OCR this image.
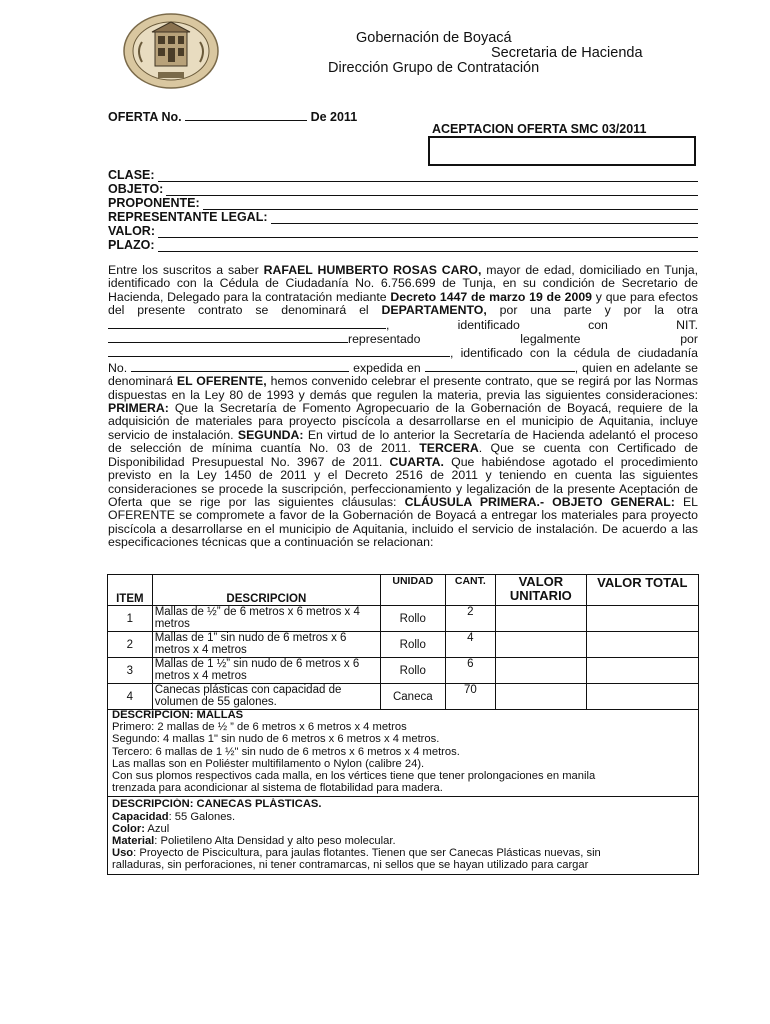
Gobernación de Boyacá
Secretaria de Hacienda
Dirección Grupo de Contratación
OFERTA No.	De 2011
ACEPTACION OFERTA SMC 03/2011
CLASE:
OBJETO:
PROPONENTE:
REPRESENTANTE LEGAL:
VALOR:
PLAZO:

Entre los suscritos a saber RAFAEL HUMBERTO ROSAS CARO, mayor de edad, domiciliado en Tunja, identificado con la Cédula de Ciudadanía No. 6.756.699 de Tunja, en su condición de Secretario de Hacienda, Delegado para la contratación mediante Decreto 1447 de marzo 19 de 2009 y que para efectos del presente contrato se denominará el DEPARTAMENTO, por una parte y por la otra , identificado con NIT. representado legalmente por , identificado con la cédula de ciudadanía No.	expedida en	, quien en adelante se denominará EL OFERENTE, hemos convenido celebrar el presente contrato, que se regirá por las Normas dispuestas en la Ley 80 de 1993 y demás que regulen la materia, previa las siguientes consideraciones: PRIMERA: Que la Secretaría de Fomento Agropecuario de la Gobernación de Boyacá, requiere de la adquisición de materiales para proyecto piscícola a desarrollarse en el municipio de Aquitania, incluye servicio de instalación. SEGUNDA: En virtud de lo anterior la Secretaría de Hacienda adelantó el proceso de selección de mínima cuantía No. 03 de 2011. TERCERA. Que se cuenta con Certificado de Disponibilidad Presupuestal No. 3967 de 2011. CUARTA. Que habiéndose agotado el procedimiento previsto en la Ley 1450 de 2011 y el Decreto 2516 de 2011 y teniendo en cuenta las siguientes consideraciones se procede la suscripción, perfeccionamiento y legalización de la presente Aceptación de Oferta que se rige por las siguientes cláusulas: CLÁUSULA PRIMERA.- OBJETO GENERAL: EL OFERENTE se compromete a favor de la Gobernación de Boyacá a entregar los materiales para proyecto piscícola a desarrollarse en el municipio de Aquitania, incluido el servicio de instalación. De acuerdo a las especificaciones técnicas que a continuación se relacionan:

ITEM	DESCRIPCION	UNIDAD	CANT.	VALOR UNITARIO	VALOR TOTAL
1	Mallas de ½” de 6 metros x 6 metros x 4 metros	Rollo	2		
2	Mallas de 1” sin nudo de 6 metros x 6 metros x 4 metros	Rollo	4		
3	Mallas de 1 ½” sin nudo de 6 metros x 6 metros x 4 metros	Rollo	6		
4	Canecas plásticas con capacidad de volumen de 55 galones.	Caneca	70		
DESCRIPCIÓN: MALLAS
Primero: 2 mallas de ½ ” de 6 metros x 6 metros x 4 metros
Segundo: 4 mallas 1" sin nudo de 6 metros x 6 metros x 4 metros.
Tercero: 6 mallas de 1 ½" sin nudo de 6 metros x 6 metros x 4 metros.
Las mallas son en Poliéster multifilamento o Nylon (calibre 24).
Con sus plomos respectivos cada malla, en los vértices tiene que tener prolongaciones en manila
trenzada para acondicionar al sistema de flotabilidad para madera.
DESCRIPCIÓN: CANECAS PLÁSTICAS.
Capacidad: 55 Galones.
Color: Azul
Material: Polietileno Alta Densidad y alto peso molecular.
Uso: Proyecto de Piscicultura, para jaulas flotantes. Tienen que ser Canecas Plásticas nuevas, sin
ralladuras, sin perforaciones, ni tener contramarcas, ni sellos que se hayan utilizado para cargar
